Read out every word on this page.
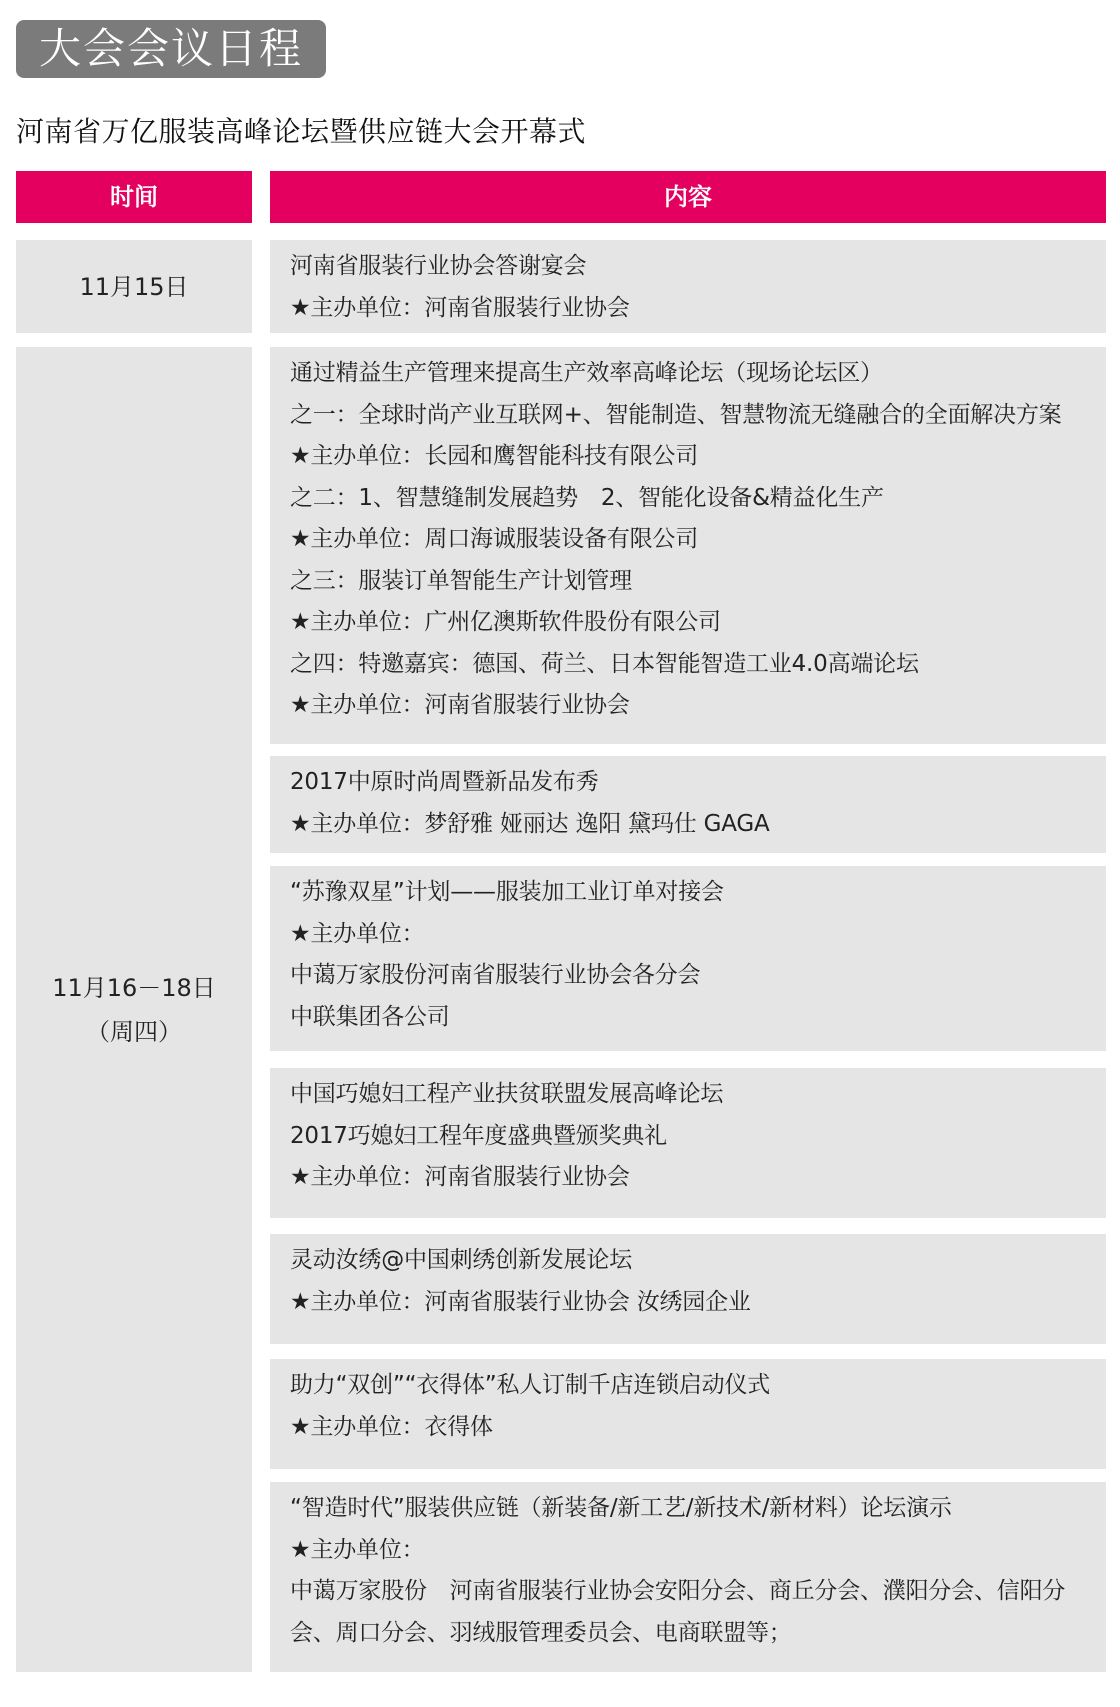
大会会议日程
河南省万亿服装高峰论坛暨供应链大会开幕式
时间	内容
11月15日
河南省服装行业协会答谢宴会
★主办单位：河南省服装行业协会
11月16－18日
（周四）
通过精益生产管理来提高生产效率高峰论坛（现场论坛区）
之一：全球时尚产业互联网+、智能制造、智慧物流无缝融合的全面解决方案
★主办单位：长园和鹰智能科技有限公司
之二：1、智慧缝制发展趋势　2、智能化设备&精益化生产
★主办单位：周口海诚服装设备有限公司
之三：服装订单智能生产计划管理
★主办单位：广州亿澳斯软件股份有限公司
之四：特邀嘉宾：德国、荷兰、日本智能智造工业4.0高端论坛
★主办单位：河南省服装行业协会
2017中原时尚周暨新品发布秀
★主办单位：梦舒雅 娅丽达 逸阳 黛玛仕 GAGA
“苏豫双星”计划——服装加工业订单对接会
★主办单位：
中蔼万家股份河南省服装行业协会各分会
中联集团各公司
中国巧媳妇工程产业扶贫联盟发展高峰论坛
2017巧媳妇工程年度盛典暨颁奖典礼
★主办单位：河南省服装行业协会
灵动汝绣@中国刺绣创新发展论坛
★主办单位：河南省服装行业协会 汝绣园企业
助力“双创”“衣得体”私人订制千店连锁启动仪式
★主办单位：衣得体
“智造时代”服装供应链（新装备/新工艺/新技术/新材料）论坛演示
★主办单位：
中蔼万家股份　河南省服装行业协会安阳分会、商丘分会、濮阳分会、信阳分
会、周口分会、羽绒服管理委员会、电商联盟等；
